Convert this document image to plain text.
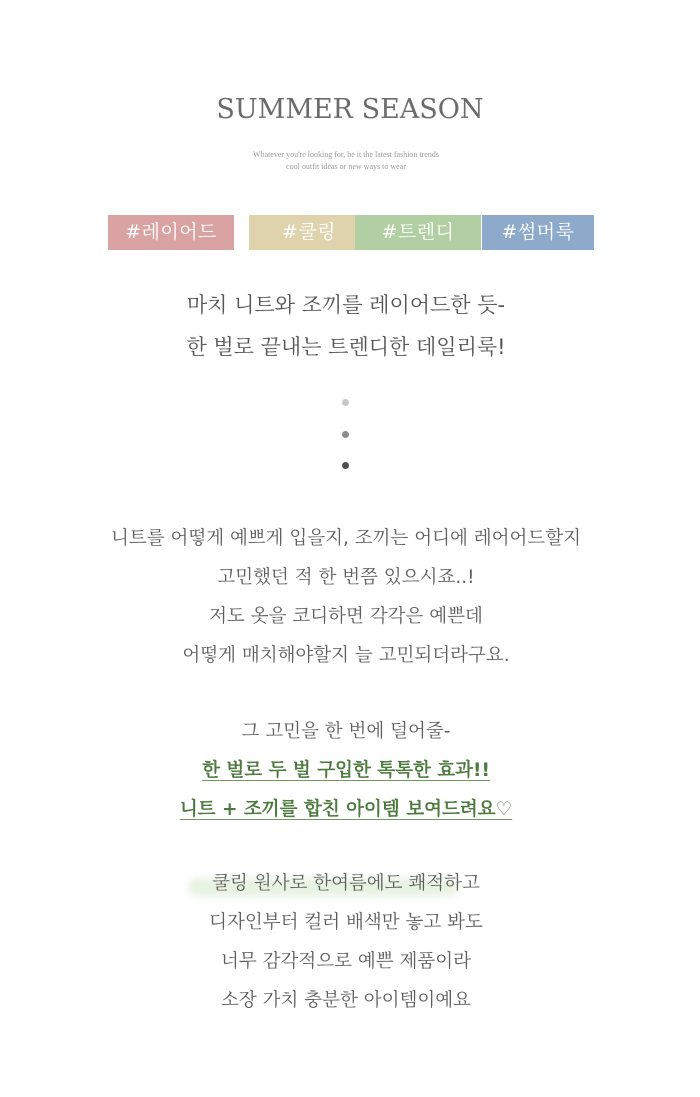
SUMMER SEASON
Whatever you're looking for, be it the latest fashion trends
cool outfit ideas or new ways to wear
#레이어드	#쿨링	#트렌디	#썸머룩
마치 니트와 조끼를 레이어드한 듯-
한 벌로 끝내는 트렌디한 데일리룩!
니트를 어떻게 예쁘게 입을지, 조끼는 어디에 레어어드할지
고민했던 적 한 번쯤 있으시죠..!
저도 옷을 코디하면 각각은 예쁜데
어떻게 매치해야할지 늘 고민되더라구요.
그 고민을 한 번에 덜어줄-
한 벌로 두 벌 구입한 톡톡한 효과!!
니트 + 조끼를 합친 아이템 보여드려요♡
쿨링 원사로 한여름에도 쾌적하고
디자인부터 컬러 배색만 놓고 봐도
너무 감각적으로 예쁜 제품이라
소장 가치 충분한 아이템이예요
